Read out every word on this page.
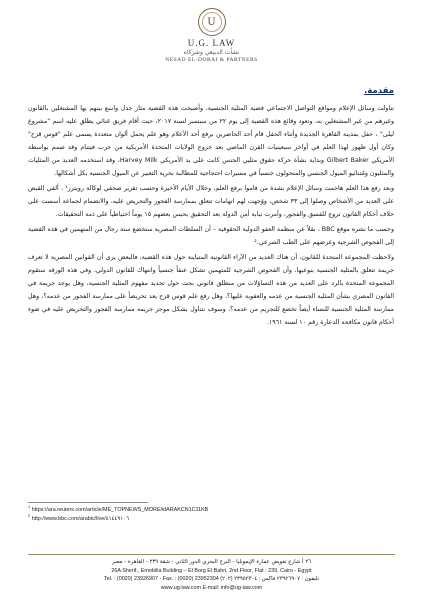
U
U.G. LAW
نشأت الدبيعي وشركاه
NESAD EL-DORAI & PARTNERS
مقدمة.

تناولت وسائل الإعلام ومواقع التواصل الاجتماعي قضية المثلية الجنسية، وأصبحت هذه القضية مثار جدل واسع بينهم بها المشتغلين بالقانون وغيرهم من غير المشتغلين به، وتعود وقائع هذه القضية إلى يوم ٢٢ من سبتمبر لسنة ٢٠١٧، حيث أقام فريق غنائي يطلق عليه اسم "مشروع ليلى" ، حفل بمدينة القاهرة الجديدة وأثناء الحفل قام أحد الحاضرين برفع أحد الأعلام وهو علم يحمل ألوان متعددة يسمى علم "قوس قزح" وكان أول ظهور لهذا العلم في أواخر سبعينيات القرن الماضي بعد خروج الولايات المتحدة الأمريكية من حرب فيتنام وقد صمم بواسطة الأمريكي Gilbert Baker وبداية نشأة حركة حقوق مثليي الجنس كانت على يد الأمريكي Harvey Milk، وقد استخدمه العديد من المثليات والمثليون ومُتنائيو الميول الجنسي والمتحولون جنسياً في مسيرات احتجاجية للمطالبة بحرية التعبير عن الميول الجنسية بكل أشكالها.

وبعد رفع هذا العلم هاجمت وسائل الإعلام بشدة من قاموا برفع العلم، وخلال الأيام الأخيرة وحسب تقرير صحفي لوكالة رويترز¹ ، ألقي القبض على العديد من الأشخاص وصلوا إلى ٣٣ شخص، ووُجهت لهم اتهامات تتعلق بممارسة الفجور والتحريض عليه، والانضمام لجماعة أسست على خلاف أحكام القانون تروج للفسق والفجور، وأمرت نيابة أمن الدولة بعد التحقيق بحبس بعضهم ١٥ يوماً احتياطياً على ذمة التحقيقات.

وحسب ما نشره موقع BBC ، نقلاً عن منظمة العفو الدولية الحقوقية – أن السلطات المصرية ستخضع ستة رجال من المتهمين في هذه القضية إلى الفحوص الشرجية وعرضهم على الطب الشرعي.²

ولاحظت المجموعة المتحدة للقانون، أن هناك العديد من الآراء القانونية المتباينة حول هذه القضية، فالبعض يرى أن القوانين المصرية لا تعرف جريمة تتعلق بالمثلية الجنسية بنوعيها، وأن الفحوص الشرجية للمتهمين تشكل عنفاً جنسياً وانتهاك للقانون الدولي، وفي هذه الورقة ستقوم المجموعة المتحدة بالرد على العديد من هذه التساؤلات من منطلق قانوني بحت حول تحديد مفهوم المثلية الجنسية، وهل يوجد جريمة في القانون المصري بشأن المثلية الجنسية من عدمه والعقوبة عليها؟، وهل رفع علم قوس قزح يعد تحريضاً على ممارسة الفجور من عدمه؟، وهل ممارسة المثلية الجنسية للنساء أيضاً تخضع للتجريم من عدمه؟، وسوف نتناول بشكل موجز جريمة ممارسة الفجور والتحريض عليه في ضوء أحكام قانون مكافحة الدعارة رقم ١٠ لسنة ١٩٦١.

$^1$ https://ara.reuters.com/article/ME_TOPNEWS_MORE/idARAKCN1C11KB
$^2$ http://www.bbc.com/arabic/live/٤١٤٤٩١٠٦
٢٦ أ شارع تفويض عمارة الإيموبليا - البرج البحري الدور الثاني - شقة ٢٣٩ - القاهرة - مصر
26A Sherif., Emobilia Building – El Borg El Bahri, 2nd Floor, Flat : 239, Cairo - Egypt
Tel. : (0020) 23926907 - Fax. : (0020) 23952304 (٢٠٢) تليفون : ٢٣٩٢٦٩٠٧ فاكس : ٢٣٩٥٢٣٠٤
www.ug-law.com E-mail: info@ug-law.com
